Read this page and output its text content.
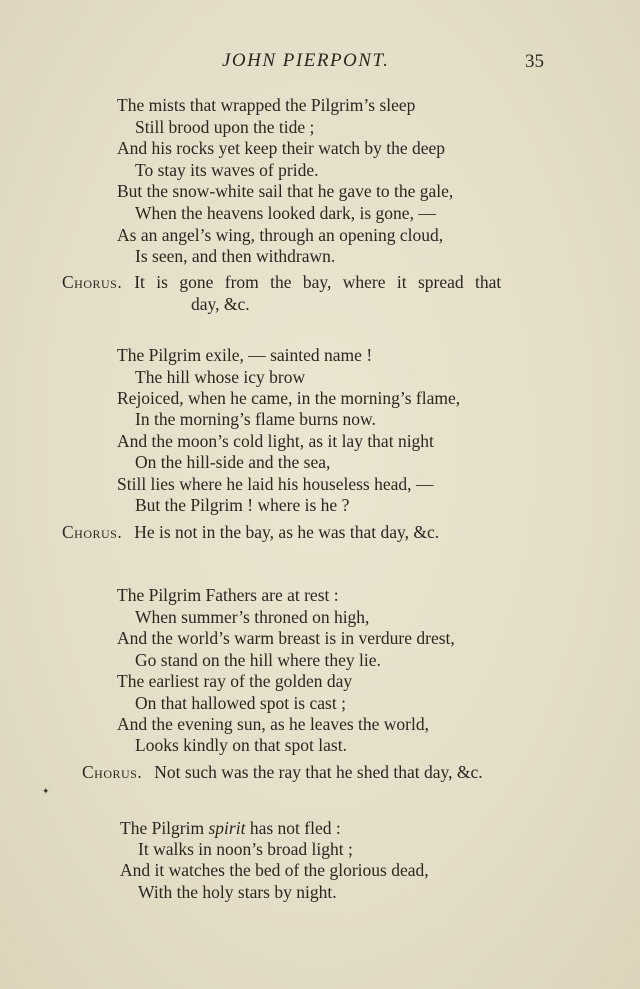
JOHN PIERPONT.	35
The mists that wrapped the Pilgrim’s sleep
Still brood upon the tide ;
And his rocks yet keep their watch by the deep
To stay its waves of pride.
But the snow-white sail that he gave to the gale,
When the heavens looked dark, is gone, —
As an angel’s wing, through an opening cloud,
Is seen, and then withdrawn.
Chorus. It is gone from the bay, where it spread that
day, &c.
The Pilgrim exile, — sainted name !
The hill whose icy brow
Rejoiced, when he came, in the morning’s flame,
In the morning’s flame burns now.
And the moon’s cold light, as it lay that night
On the hill-side and the sea,
Still lies where he laid his houseless head, —
But the Pilgrim ! where is he ?
Chorus. He is not in the bay, as he was that day, &c.
The Pilgrim Fathers are at rest :
When summer’s throned on high,
And the world’s warm breast is in verdure drest,
Go stand on the hill where they lie.
The earliest ray of the golden day
On that hallowed spot is cast ;
And the evening sun, as he leaves the world,
Looks kindly on that spot last.
Chorus. Not such was the ray that he shed that day, &c.
✦
The Pilgrim spirit has not fled :
It walks in noon’s broad light ;
And it watches the bed of the glorious dead,
With the holy stars by night.
